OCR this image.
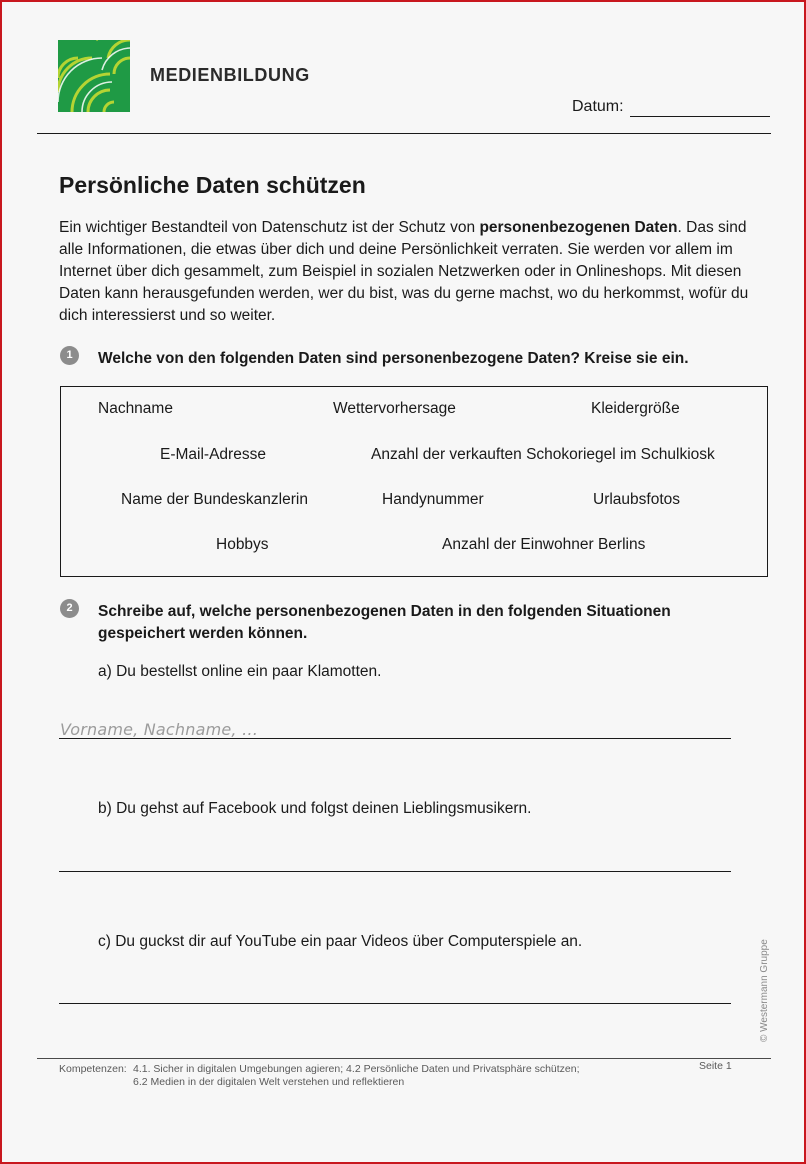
MEDIENBILDUNG
Datum:
Persönliche Daten schützen
Ein wichtiger Bestandteil von Datenschutz ist der Schutz von personenbezogenen Daten. Das sind alle Informationen, die etwas über dich und deine Persönlichkeit verraten. Sie werden vor allem im Internet über dich gesammelt, zum Beispiel in sozialen Netzwerken oder in Onlineshops. Mit diesen Daten kann herausgefunden werden, wer du bist, was du gerne machst, wo du herkommst, wofür du dich interessierst und so weiter.
1	Welche von den folgenden Daten sind personenbezogene Daten? Kreise sie ein.
Nachname	Wettervorhersage	Kleidergröße
E-Mail-Adresse	Anzahl der verkauften Schokoriegel im Schulkiosk
Name der Bundeskanzlerin	Handynummer	Urlaubsfotos
Hobbys	Anzahl der Einwohner Berlins
2	Schreibe auf, welche personenbezogenen Daten in den folgenden Situationen gespeichert werden können.
a) Du bestellst online ein paar Klamotten.
Vorname, Nachname, …
b) Du gehst auf Facebook und folgst deinen Lieblingsmusikern.
c) Du guckst dir auf YouTube ein paar Videos über Computerspiele an.	© Westermann Gruppe
Kompetenzen: 4.1. Sicher in digitalen Umgebungen agieren; 4.2 Persönliche Daten und Privatsphäre schützen;
6.2 Medien in der digitalen Welt verstehen und reflektieren
Seite 1
